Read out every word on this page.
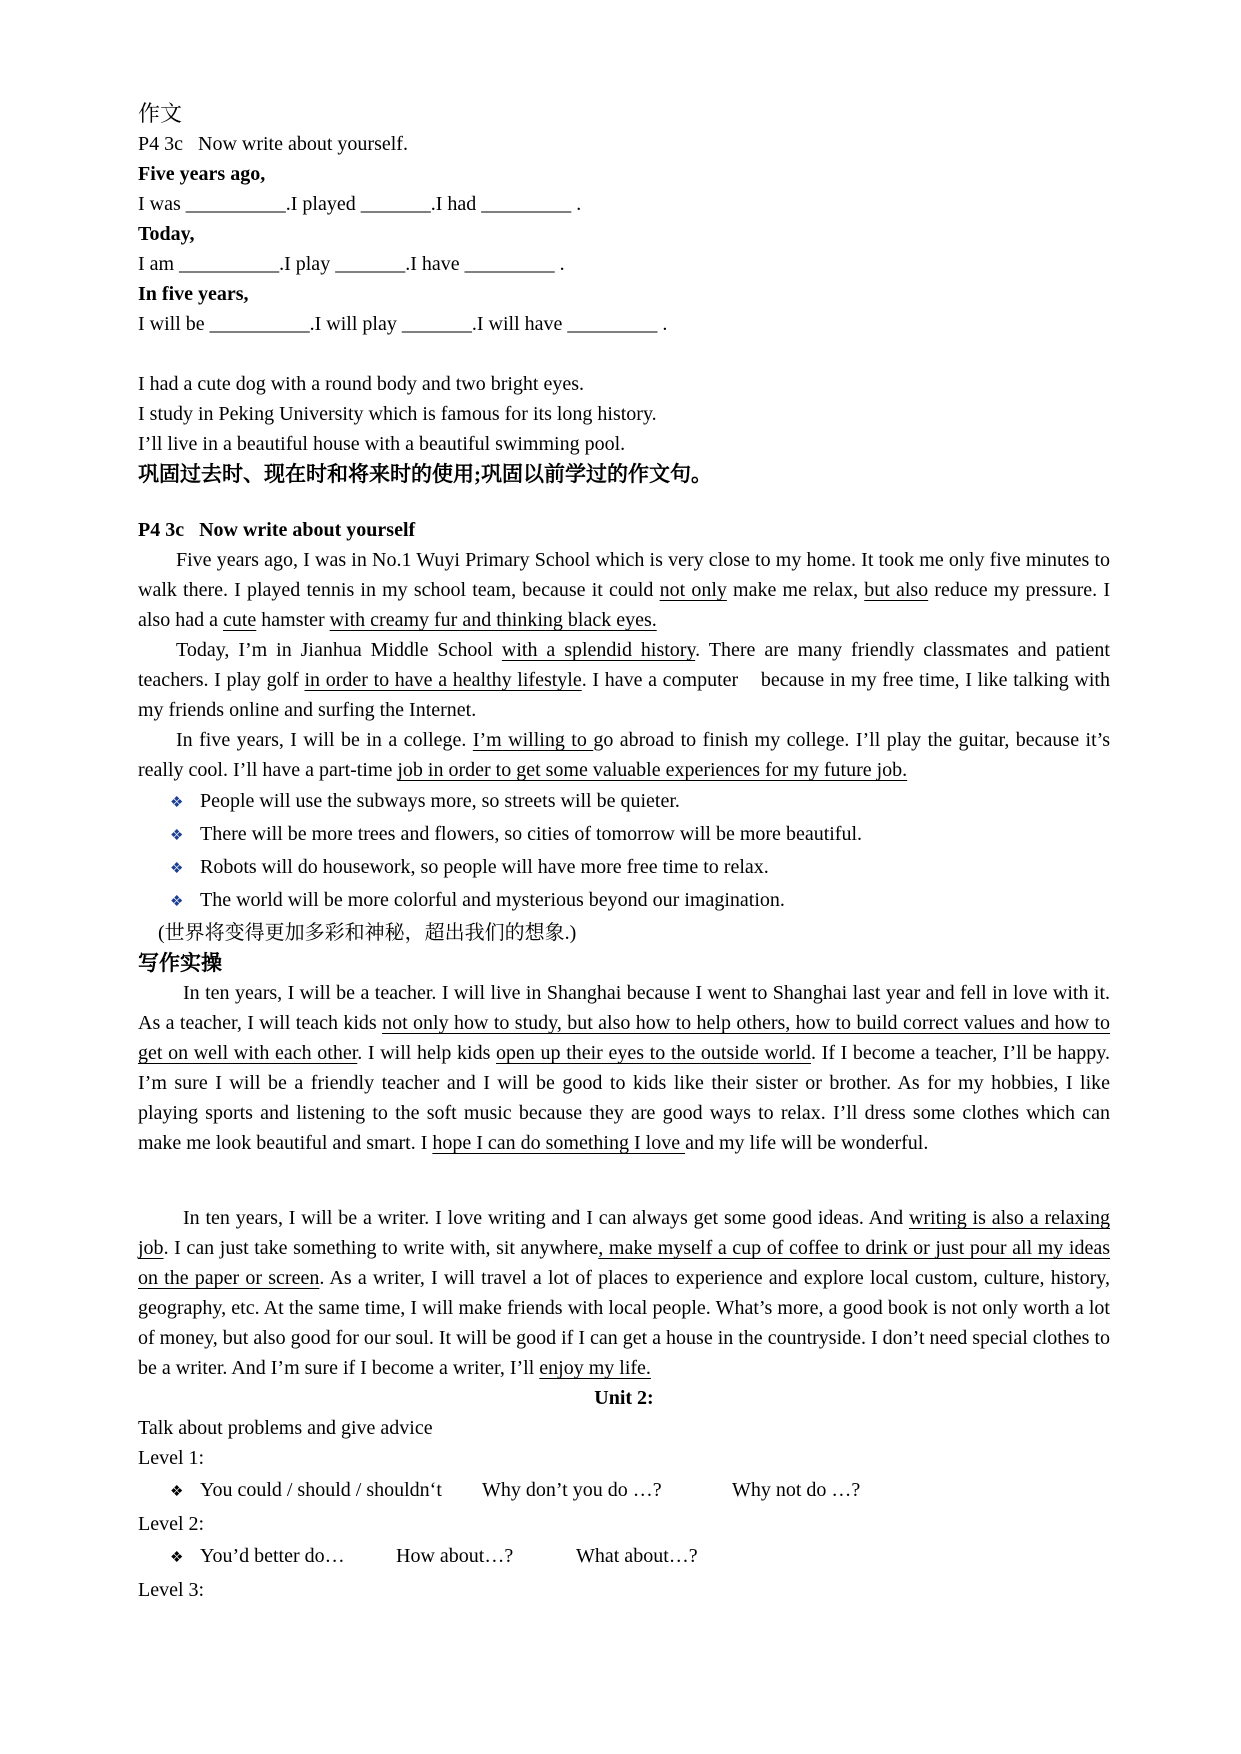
作文
P4 3c   Now write about yourself.
Five years ago,
I was __________.I played _______.I had _________ .
Today,
I am __________.I play _______.I have _________ .
In five years,
I will be __________.I will play _______.I will have _________ .
I had a cute dog with a round body and two bright eyes.
I study in Peking University which is famous for its long history.
I’ll live in a beautiful house with a beautiful swimming pool.
巩固过去时、现在时和将来时的使用;巩固以前学过的作文句。
P4 3c   Now write about yourself
Five years ago, I was in No.1 Wuyi Primary School which is very close to my home. It took me only five minutes to walk there. I played tennis in my school team, because it could not only make me relax, but also reduce my pressure. I also had a cute hamster with creamy fur and thinking black eyes.
Today, I’m in Jianhua Middle School with a splendid history. There are many friendly classmates and patient teachers. I play golf in order to have a healthy lifestyle. I have a computer    because in my free time, I like talking with my friends online and surfing the Internet.
In five years, I will be in a college. I’m willing to go abroad to finish my college. I’ll play the guitar, because it’s really cool. I’ll have a part-time job in order to get some valuable experiences for my future job.
❖ People will use the subways more, so streets will be quieter.
❖ There will be more trees and flowers, so cities of tomorrow will be more beautiful.
❖ Robots will do housework, so people will have more free time to relax.
❖ The world will be more colorful and mysterious beyond our imagination.
(世界将变得更加多彩和神秘，超出我们的想象.)
写作实操
In ten years, I will be a teacher. I will live in Shanghai because I went to Shanghai last year and fell in love with it. As a teacher, I will teach kids not only how to study, but also how to help others, how to build correct values and how to get on well with each other. I will help kids open up their eyes to the outside world. If I become a teacher, I’ll be happy. I’m sure I will be a friendly teacher and I will be good to kids like their sister or brother. As for my hobbies, I like playing sports and listening to the soft music because they are good ways to relax. I’ll dress some clothes which can make me look beautiful and smart. I hope I can do something I love and my life will be wonderful.
In ten years, I will be a writer. I love writing and I can always get some good ideas. And writing is also a relaxing job. I can just take something to write with, sit anywhere, make myself a cup of coffee to drink or just pour all my ideas on the paper or screen. As a writer, I will travel a lot of places to experience and explore local custom, culture, history, geography, etc. At the same time, I will make friends with local people. What’s more, a good book is not only worth a lot of money, but also good for our soul. It will be good if I can get a house in the countryside. I don’t need special clothes to be a writer. And I’m sure if I become a writer, I’ll enjoy my life.
Unit 2:
Talk about problems and give advice
Level 1:
❖ You could / should / shouldn‘t	Why don’t you do …?	Why not do …?
Level 2:
❖ You’d better do…	How about…?	What about…?
Level 3:
